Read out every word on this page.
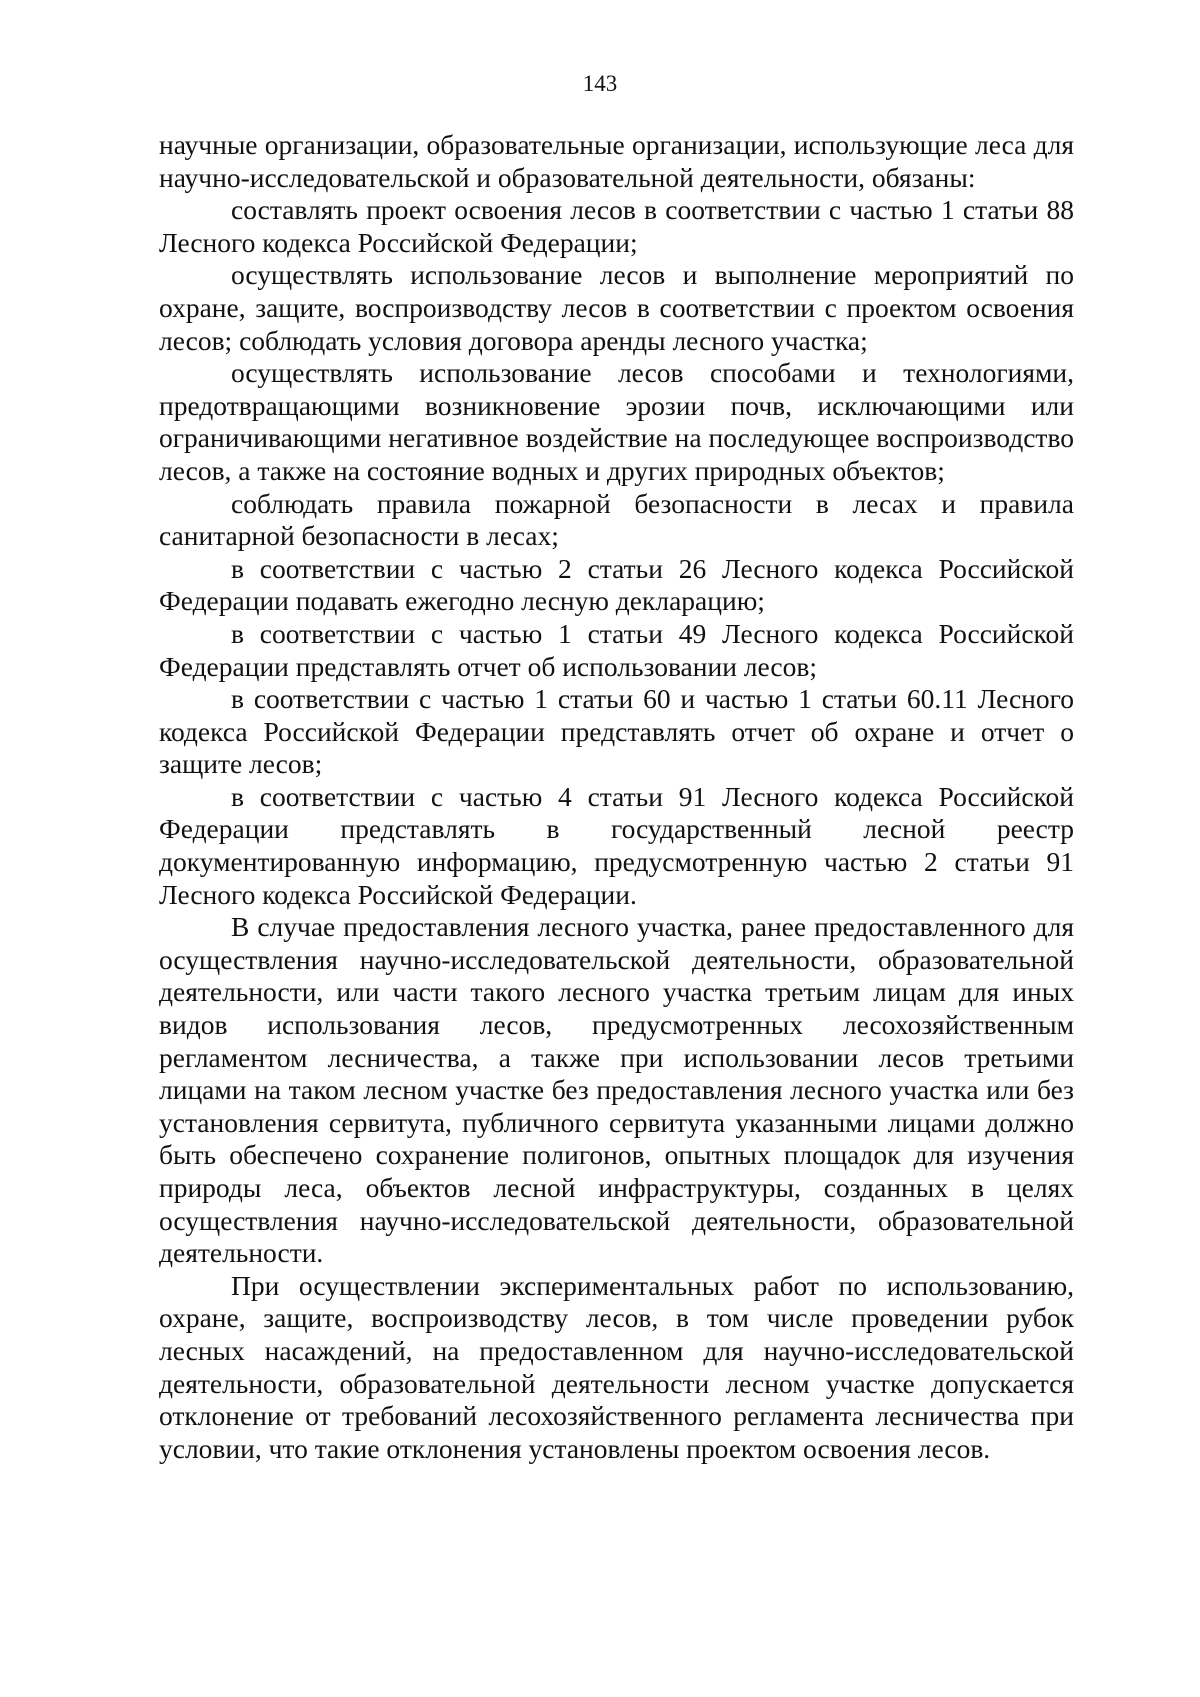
143

научные организации, образовательные организации, использующие леса для научно-исследовательской и образовательной деятельности, обязаны:

составлять проект освоения лесов в соответствии с частью 1 статьи 88 Лесного кодекса Российской Федерации;

осуществлять использование лесов и выполнение мероприятий по охране, защите, воспроизводству лесов в соответствии с проектом освоения лесов; соблюдать условия договора аренды лесного участка;

осуществлять использование лесов способами и технологиями, предотвращающими возникновение эрозии почв, исключающими или ограничивающими негативное воздействие на последующее воспроизводство лесов, а также на состояние водных и других природных объектов;

соблюдать правила пожарной безопасности в лесах и правила санитарной безопасности в лесах;

в соответствии с частью 2 статьи 26 Лесного кодекса Российской Федерации подавать ежегодно лесную декларацию;

в соответствии с частью 1 статьи 49 Лесного кодекса Российской Федерации представлять отчет об использовании лесов;

в соответствии с частью 1 статьи 60 и частью 1 статьи 60.11 Лесного кодекса Российской Федерации представлять отчет об охране и отчет о защите лесов;

в соответствии с частью 4 статьи 91 Лесного кодекса Российской Федерации представлять в государственный лесной реестр документированную информацию, предусмотренную частью 2 статьи 91 Лесного кодекса Российской Федерации.

В случае предоставления лесного участка, ранее предоставленного для осуществления научно-исследовательской деятельности, образовательной деятельности, или части такого лесного участка третьим лицам для иных видов использования лесов, предусмотренных лесохозяйственным регламентом лесничества, а также при использовании лесов третьими лицами на таком лесном участке без предоставления лесного участка или без установления сервитута, публичного сервитута указанными лицами должно быть обеспечено сохранение полигонов, опытных площадок для изучения природы леса, объектов лесной инфраструктуры, созданных в целях осуществления научно-исследовательской деятельности, образовательной деятельности.

При осуществлении экспериментальных работ по использованию, охране, защите, воспроизводству лесов, в том числе проведении рубок лесных насаждений, на предоставленном для научно-исследовательской деятельности, образовательной деятельности лесном участке допускается отклонение от требований лесохозяйственного регламента лесничества при условии, что такие отклонения установлены проектом освоения лесов.
